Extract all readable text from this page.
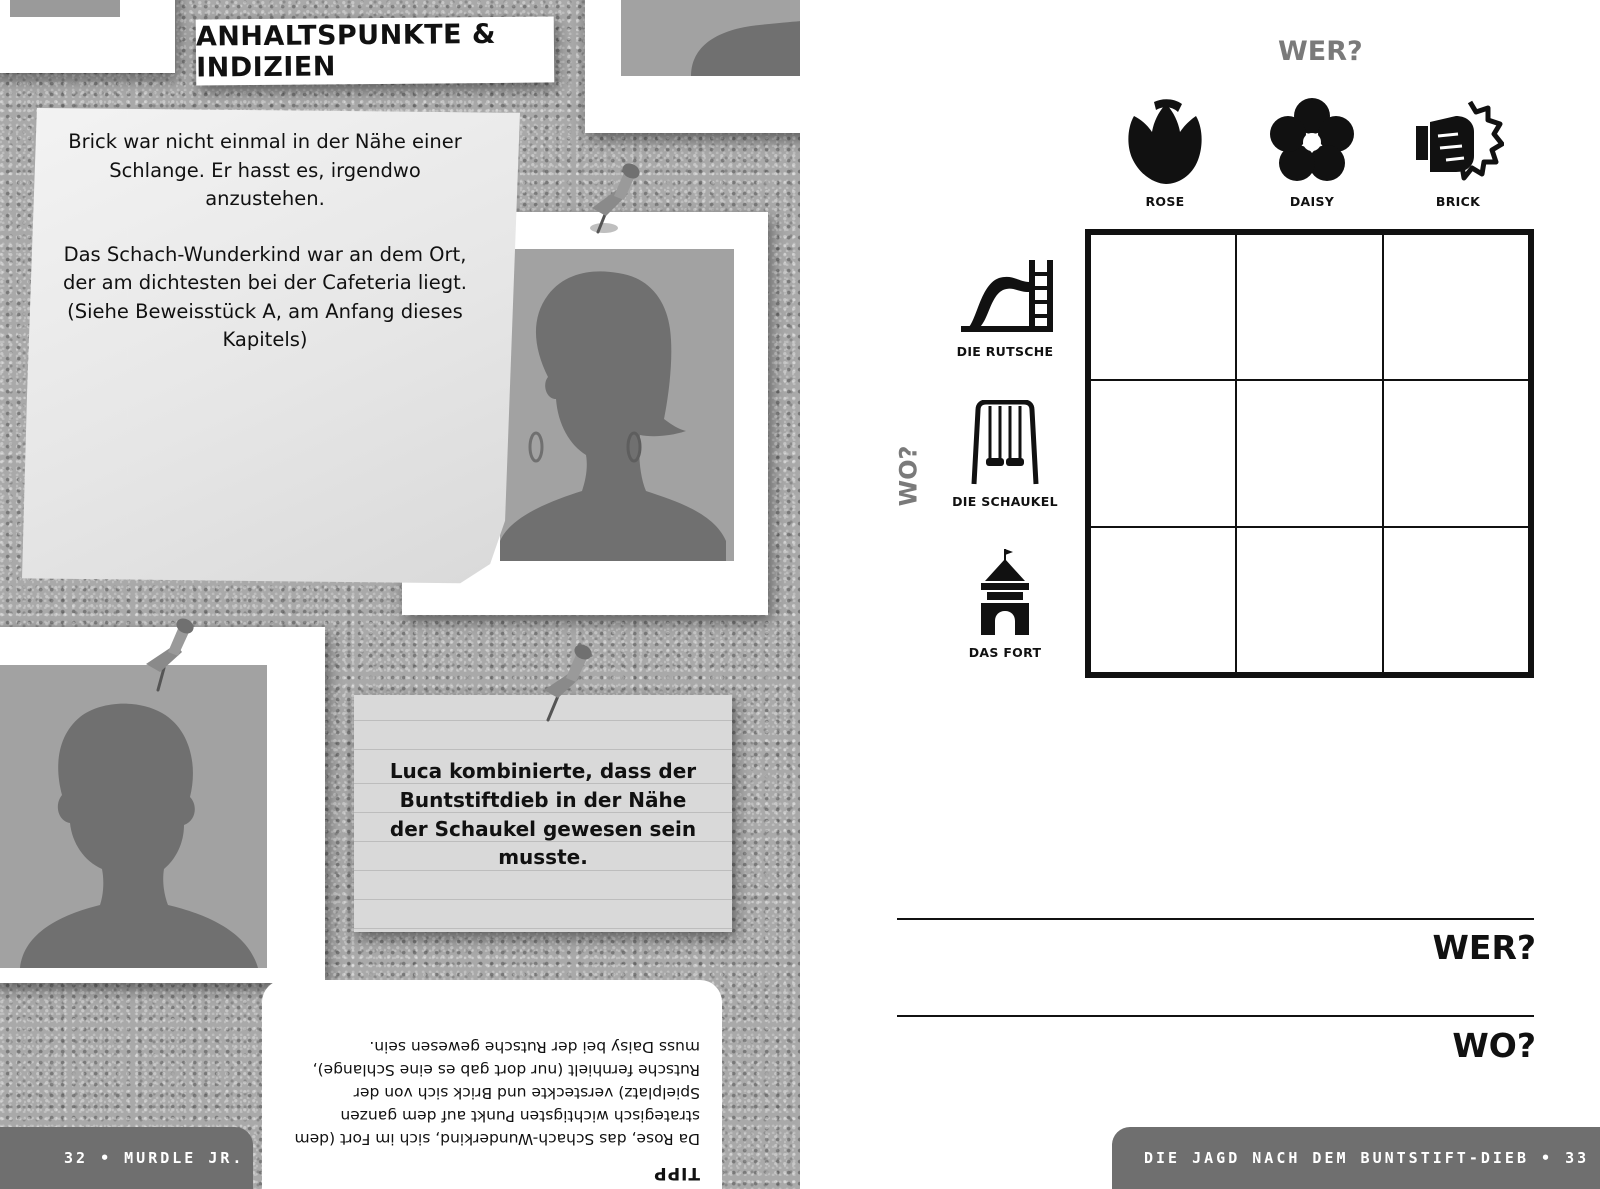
ANHALTSPUNKTE & INDIZIEN

Brick war nicht einmal in der Nähe einer Schlange. Er hasst es, irgendwo anzustehen.

Das Schach-Wunderkind war an dem Ort, der am dichtesten bei der Cafeteria liegt. (Siehe Beweisstück A, am Anfang dieses Kapitels)

Luca kombinierte, dass der Buntstiftdieb in der Nähe der Schaukel gewesen sein musste.
TIPP
Da Rose, das Schach-Wunderkind, sich im Fort (dem strategisch wichtigsten Punkt auf dem ganzen Spielplatz) versteckte und Brick sich von der Rutsche fernhielt (nur dort gab es eine Schlange), muss Daisy bei der Rutsche gewesen sein.
32 • MURDLE JR.
WER?
WO?
ROSE	DAISY	BRICK
DIE RUTSCHE
DIE SCHAUKEL
DAS FORT
WER?
WO?
DIE JAGD NACH DEM BUNTSTIFT-DIEB • 33
